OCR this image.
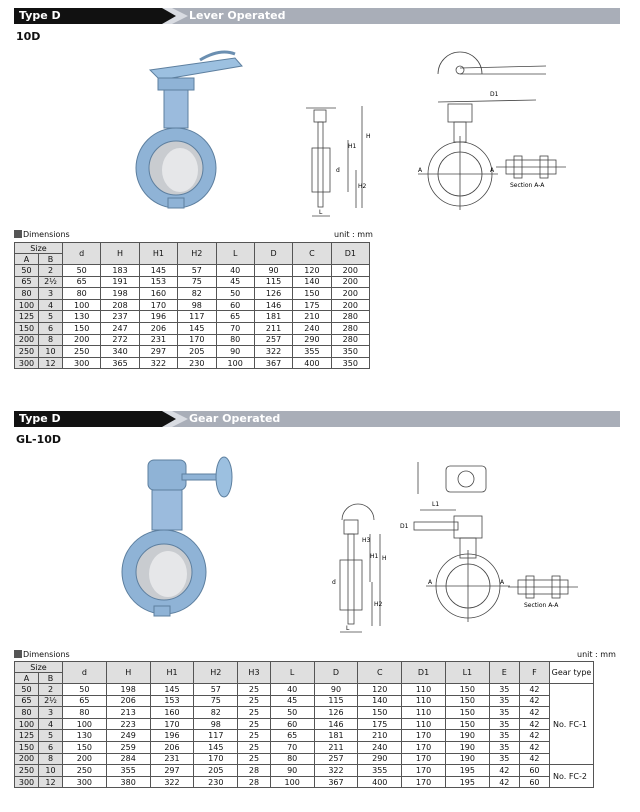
Type D	Lever Operated
10D
H
H1
H2
d
L
D1
A	A
Section A-A
Dimensions	unit : mm
Size		d	H	H1	H2	L	D	C	D1
A	B								
50	2	50	183	145	57	40	90	120	200
65	2½	65	191	153	75	45	115	140	200
80	3	80	198	160	82	50	126	150	200
100	4	100	208	170	98	60	146	175	200
125	5	130	237	196	117	65	181	210	280
150	6	150	247	206	145	70	211	240	280
200	8	200	272	231	170	80	257	290	280
250	10	250	340	297	205	90	322	355	350
300	12	300	365	322	230	100	367	400	350
Type D	Gear Operated
GL-10D
H
H3
H1
H2
d
L
L1
D1
A	A
Section A-A
Dimensions	unit : mm
Size		d	H	H1	H2	H3	L	D	C	D1	L1	E	F	Gear type
A	B													
50	2	50	198	145	57	25	40	90	120	110	150	35	42	No. FC-1
65	2½	65	206	153	75	25	45	115	140	110	150	35	42	
80	3	80	213	160	82	25	50	126	150	110	150	35	42	
100	4	100	223	170	98	25	60	146	175	110	150	35	42	
125	5	130	249	196	117	25	65	181	210	170	190	35	42	
150	6	150	259	206	145	25	70	211	240	170	190	35	42	
200	8	200	284	231	170	25	80	257	290	170	190	35	42	
250	10	250	355	297	205	28	90	322	355	170	195	42	60	No. FC-2
300	12	300	380	322	230	28	100	367	400	170	195	42	60	
